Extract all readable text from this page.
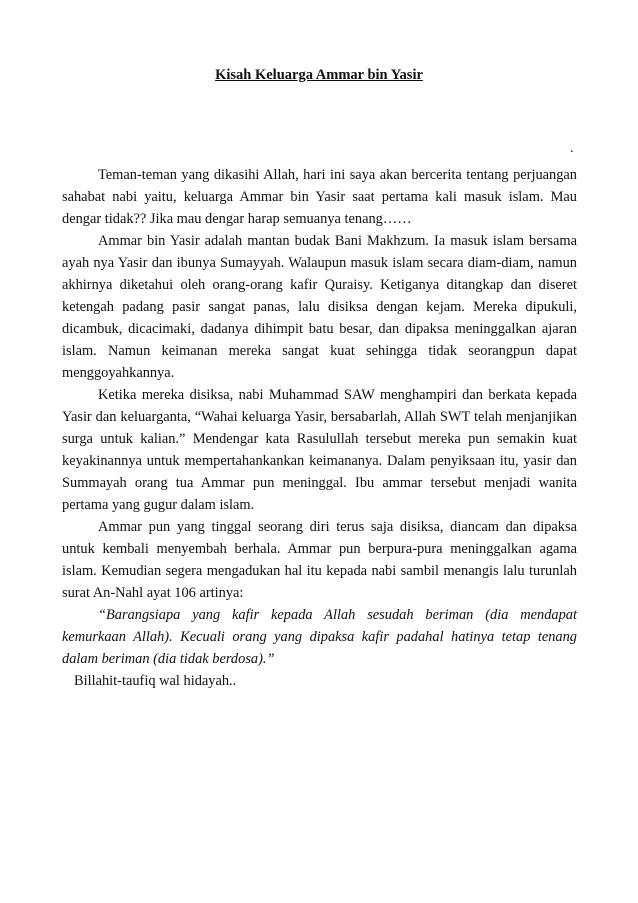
Kisah Keluarga Ammar bin Yasir
.

Teman-teman yang dikasihi Allah, hari ini saya akan bercerita tentang perjuangan sahabat nabi yaitu, keluarga Ammar bin Yasir saat pertama kali masuk islam. Mau dengar tidak?? Jika mau dengar harap semuanya tenang……

Ammar bin Yasir adalah mantan budak Bani Makhzum. Ia masuk islam bersama ayah nya Yasir dan ibunya Sumayyah. Walaupun masuk islam secara diam-diam, namun akhirnya diketahui oleh orang-orang kafir Quraisy. Ketiganya ditangkap dan diseret ketengah padang pasir sangat panas, lalu disiksa dengan kejam. Mereka dipukuli, dicambuk, dicacimaki, dadanya dihimpit batu besar, dan dipaksa meninggalkan ajaran islam. Namun keimanan mereka sangat kuat sehingga tidak seorangpun dapat menggoyahkannya.

Ketika mereka disiksa, nabi Muhammad SAW menghampiri dan berkata kepada Yasir dan keluarganta, “Wahai keluarga Yasir, bersabarlah, Allah SWT telah menjanjikan surga untuk kalian.” Mendengar kata Rasulullah tersebut mereka pun semakin kuat keyakinannya untuk mempertahankankan keimananya. Dalam penyiksaan itu, yasir dan Summayah orang tua Ammar pun meninggal. Ibu ammar tersebut menjadi wanita pertama yang gugur dalam islam.

Ammar pun yang tinggal seorang diri terus saja disiksa, diancam dan dipaksa untuk kembali menyembah berhala. Ammar pun berpura-pura meninggalkan agama islam. Kemudian segera mengadukan hal itu kepada nabi sambil menangis lalu turunlah surat An-Nahl ayat 106 artinya:

“Barangsiapa yang kafir kepada Allah sesudah beriman (dia mendapat kemurkaan Allah). Kecuali orang yang dipaksa kafir padahal hatinya tetap tenang dalam beriman (dia tidak berdosa).”

Billahit-taufiq wal hidayah..
